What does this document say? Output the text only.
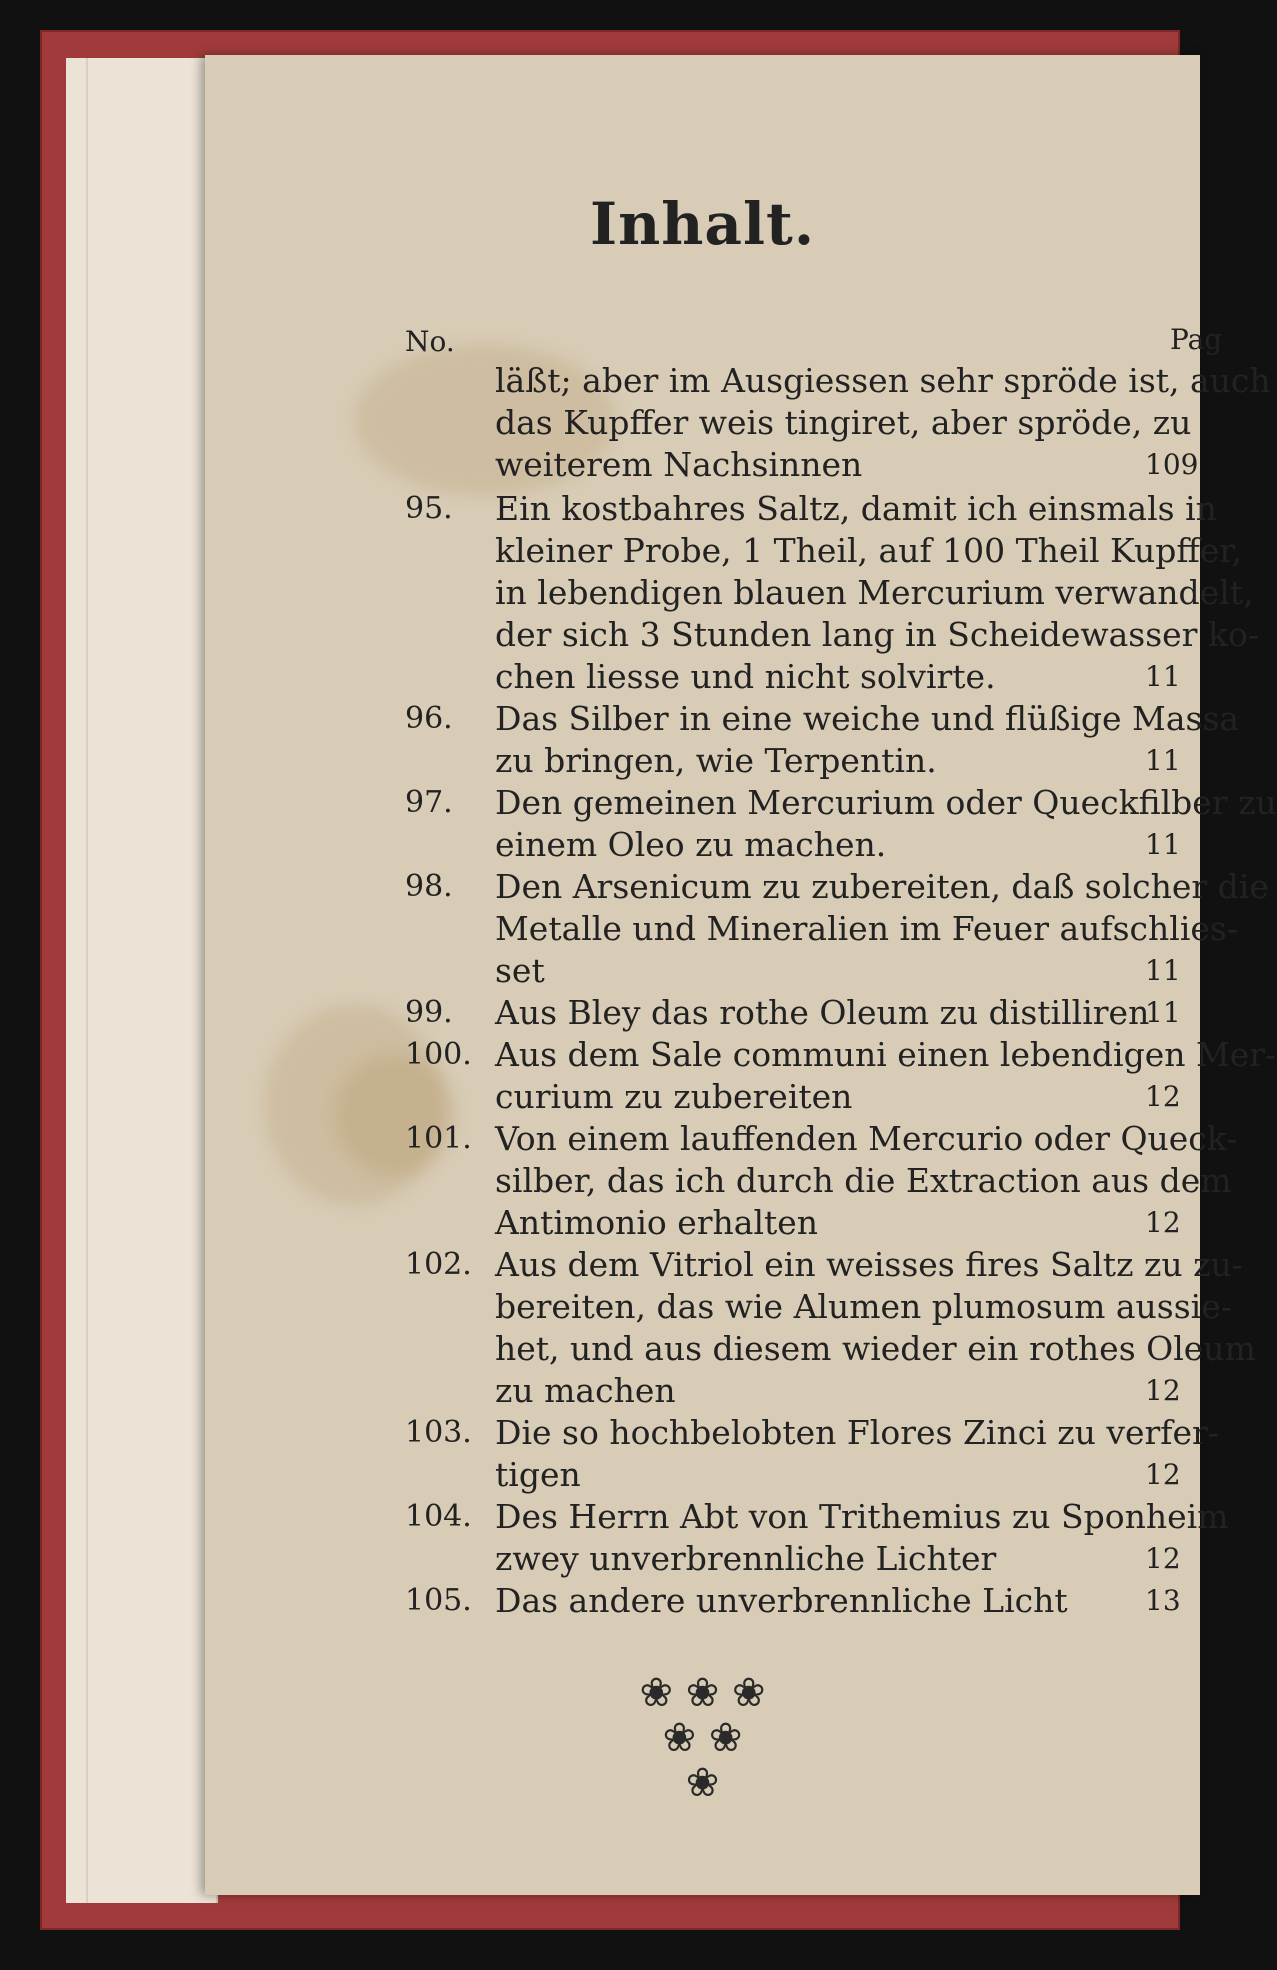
Inhalt.
No.	Pag
läßt; aber im Ausgiessen sehr spröde ist, auch
das Kupffer weis tingiret, aber spröde, zu
weiterem Nachsinnen
Ein kostbahres Saltz, damit ich einsmals in
kleiner Probe, 1 Theil, auf 100 Theil Kupffer,
in lebendigen blauen Mercurium verwandelt,
der sich 3 Stunden lang in Scheidewasser ko-
chen liesse und nicht solvirte.
Das Silber in eine weiche und flüßige Massa
zu bringen, wie Terpentin.
Den gemeinen Mercurium oder Queckfilber zu
einem Oleo zu machen.
Den Arsenicum zu zubereiten, daß solcher die
Metalle und Mineralien im Feuer aufschlies-
set
Aus Bley das rothe Oleum zu distilliren
Aus dem Sale communi einen lebendigen Mer-
curium zu zubereiten
Von einem lauffenden Mercurio oder Queck-
silber, das ich durch die Extraction aus dem
Antimonio erhalten
Aus dem Vitriol ein weisses fires Saltz zu zu-
bereiten, das wie Alumen plumosum aussie-
het, und aus diesem wieder ein rothes Oleum
zu machen
Die so hochbelobten Flores Zinci zu verfer-
tigen
Des Herrn Abt von Trithemius zu Sponheim
zwey unverbrennliche Lichter
Das andere unverbrennliche Licht
95.
96.
97.
98.
99.
100.
101.
102.
103.
104.
105.
109
11
11
11
11
11
12
12
12
12
12
13
❀ ❀ ❀
❀ ❀
❀
